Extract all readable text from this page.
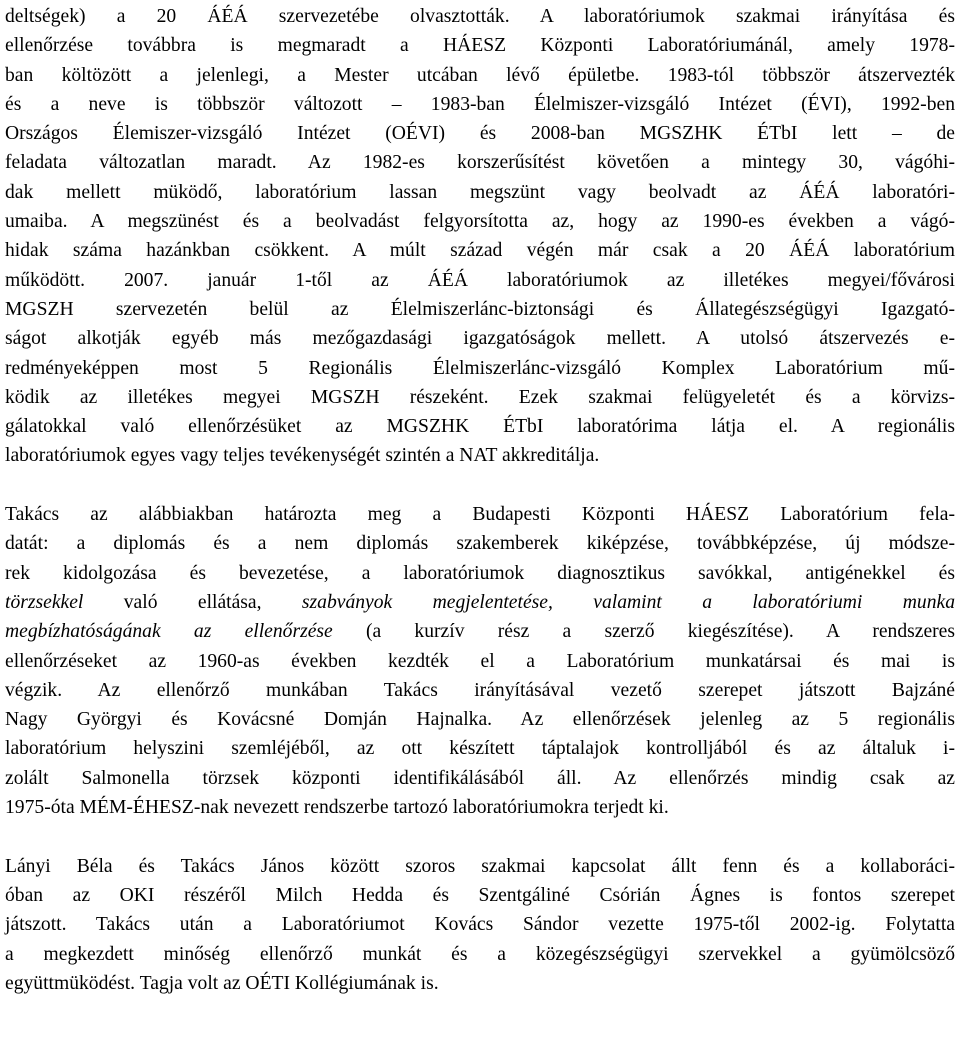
deltségek) a 20 ÁÉÁ szervezetébe olvasztották. A laboratóriumok szakmai irányítása és
ellenőrzése továbbra is megmaradt a HÁESZ Központi Laboratóriumánál, amely 1978-
ban költözött a jelenlegi, a Mester utcában lévő épületbe. 1983-tól többször átszervezték
és a neve is többször változott – 1983-ban Élelmiszer-vizsgáló Intézet (ÉVI), 1992-ben
Országos Élemiszer-vizsgáló Intézet (OÉVI) és 2008-ban MGSZHK ÉTbI lett – de
feladata változatlan maradt. Az 1982-es korszerűsítést követően a mintegy 30, vágóhi-
dak mellett müködő, laboratórium lassan megszünt vagy beolvadt az ÁÉÁ laboratóri-
umaiba. A megszünést és a beolvadást felgyorsította az, hogy az 1990-es években a vágó-
hidak száma hazánkban csökkent. A múlt század végén már csak a 20 ÁÉÁ laboratórium
működött. 2007. január 1-től az ÁÉÁ laboratóriumok az illetékes megyei/fővárosi
MGSZH szervezetén belül az Élelmiszerlánc-biztonsági és Állategészségügyi Igazgató-
ságot alkotják egyéb más mezőgazdasági igazgatóságok mellett. A utolsó átszervezés e-
redményeképpen most 5 Regionális Élelmiszerlánc-vizsgáló Komplex Laboratórium mű-
ködik az illetékes megyei MGSZH részeként. Ezek szakmai felügyeletét és a körvizs-
gálatokkal való ellenőrzésüket az MGSZHK ÉTbI laboratórima látja el. A regionális
laboratóriumok egyes vagy teljes tevékenységét szintén a NAT akkreditálja.

Takács az alábbiakban határozta meg a Budapesti Központi HÁESZ Laboratórium fela-
datát: a diplomás és a nem diplomás szakemberek kiképzése, továbbképzése, új módsze-
rek kidolgozása és bevezetése, a laboratóriumok diagnosztikus savókkal, antigénekkel és
törzsekkel való ellátása, szabványok megjelentetése, valamint a laboratóriumi munka
megbízhatóságának az ellenőrzése (a kurzív rész a szerző kiegészítése). A rendszeres
ellenőrzéseket az 1960-as években kezdték el a Laboratórium munkatársai és mai is
végzik. Az ellenőrző munkában Takács irányításával vezető szerepet játszott Bajzáné
Nagy Györgyi és Kovácsné Domján Hajnalka. Az ellenőrzések jelenleg az 5 regionális
laboratórium helyszini szemléjéből, az ott készített táptalajok kontrolljából és az általuk i-
zolált Salmonella törzsek központi identifikálásából áll. Az ellenőrzés mindig csak az
1975-óta MÉM-ÉHESZ-nak nevezett rendszerbe tartozó laboratóriumokra terjedt ki.

Lányi Béla és Takács János között szoros szakmai kapcsolat állt fenn és a kollaboráci-
óban az OKI részéről Milch Hedda és Szentgáliné Csórián Ágnes is fontos szerepet
játszott. Takács után a Laboratóriumot Kovács Sándor vezette 1975-től 2002-ig. Folytatta
a megkezdett minőség ellenőrző munkát és a közegészségügyi szervekkel a gyümölcsöző
együttmüködést. Tagja volt az OÉTI Kollégiumának is.
